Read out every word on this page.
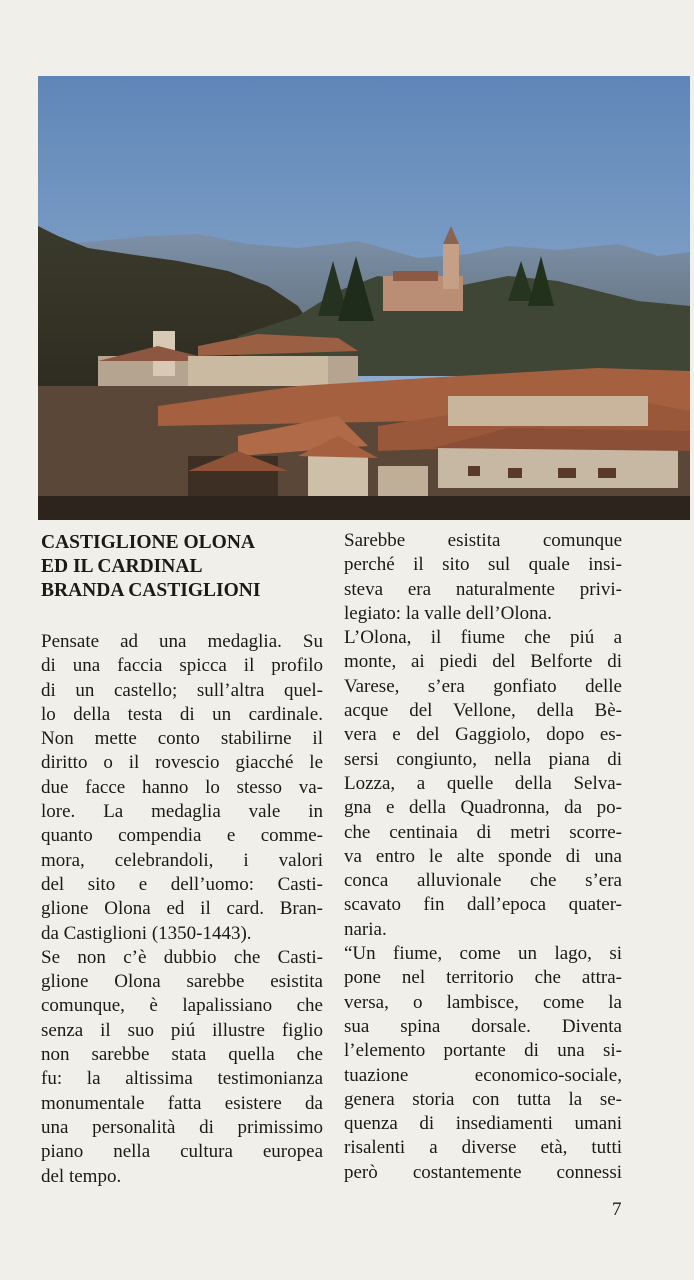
CASTIGLIONE OLONA
ED IL CARDINAL
BRANDA CASTIGLIONI
Pensate ad una medaglia. Su
di una faccia spicca il profilo
di un castello; sull’altra quel-
lo della testa di un cardinale.
Non mette conto stabilirne il
diritto o il rovescio giacché le
due facce hanno lo stesso va-
lore. La medaglia vale in
quanto compendia e comme-
mora, celebrandoli, i valori
del sito e dell’uomo: Casti-
glione Olona ed il card. Bran-
da Castiglioni (1350-1443).
Se non c’è dubbio che Casti-
glione Olona sarebbe esistita
comunque, è lapalissiano che
senza il suo piú illustre figlio
non sarebbe stata quella che
fu: la altissima testimonianza
monumentale fatta esistere da
una personalità di primissimo
piano nella cultura europea
del tempo.
Sarebbe esistita comunque
perché il sito sul quale insi-
steva era naturalmente privi-
legiato: la valle dell’Olona.
L’Olona, il fiume che piú a
monte, ai piedi del Belforte di
Varese, s’era gonfiato delle
acque del Vellone, della Bè-
vera e del Gaggiolo, dopo es-
sersi congiunto, nella piana di
Lozza, a quelle della Selva-
gna e della Quadronna, da po-
che centinaia di metri scorre-
va entro le alte sponde di una
conca alluvionale che s’era
scavato fin dall’epoca quater-
naria.
“Un fiume, come un lago, si
pone nel territorio che attra-
versa, o lambisce, come la
sua spina dorsale. Diventa
l’elemento portante di una si-
tuazione economico-sociale,
genera storia con tutta la se-
quenza di insediamenti umani
risalenti a diverse età, tutti
però costantemente connessi
7
